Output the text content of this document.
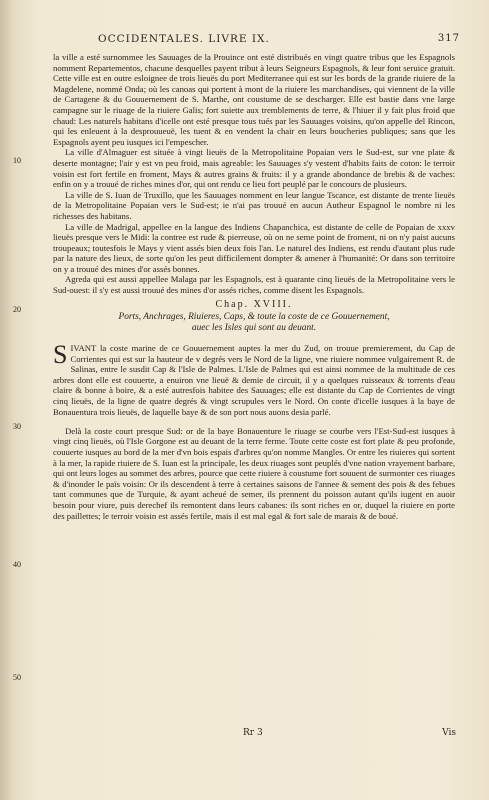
OCCIDENTALES. LIVRE IX.	317

la ville a esté surnommee les Sauuages de la Prouince ont esté distribués en vingt quatre tribus que les Espagnols nomment Repartementos, chacune desquelles payent tribut à leurs Seigneurs Espagnols, & leur font seruice gratuit. Cette ville est en outre esloignee de trois lieuës du port Mediterranee qui est sur les bords de la grande riuiere de la Magdelene, nommé Onda; où les canoas qui portent à mont de la riuiere les marchandises, qui viennent de la ville de Cartagene & du Gouuernement de S. Marthe, ont coustume de se descharger. Elle est bastie dans vne large campagne sur le riuage de la riuiere Galis; fort suiette aux tremblements de terre, & l'hiuer il y fait plus froid que chaud: Les naturels habitans d'icelle ont esté presque tous tués par les Sauuages voisins, qu'on appelle del Rincon, qui les enleuent à la desprouueuë, les tuent & en vendent la chair en leurs boucheries publiques; sans que les Espagnols ayent peu iusques ici l'empescher.

La ville d'Almaguer est située à vingt lieuës de la Metropolitaine Popaian vers le Sud-est, sur vne plate & deserte montagne; l'air y est vn peu froid, mais agreable: les Sauuages s'y vestent d'habits faits de coton: le terroir voisin est fort fertile en froment, Mays & autres grains & fruits: il y a grande abondance de brebis & de vaches: enfin on y a trouué de riches mines d'or, qui ont rendu ce lieu fort peuplé par le concours de plusieurs.

La ville de S. Iuan de Truxillo, que les Sauuages nomment en leur langue Tscance, est distante de trente lieuës de la Metropolitaine Popaian vers le Sud-est; ie n'ai pas trouué en aucun Autheur Espagnol le nombre ni les richesses des habitans.

La ville de Madrigal, appellee en la langue des Indiens Chapanchica, est distante de celle de Popaian de xxxv lieuës presque vers le Midi: la contree est rude & pierreuse, où on ne seme point de froment, ni on n'y paist aucuns troupeaux; toutesfois le Mays y vient assés bien deux fois l'an. Le naturel des Indiens, est rendu d'autant plus rude par la nature des lieux, de sorte qu'on les peut difficilement dompter & amener à l'humanité: Or dans son territoire on y a trouué des mines d'or assés bonnes.

Agreda qui est aussi appellee Malaga par les Espagnols, est à quarante cinq lieuës de la Metropolitaine vers le Sud-ouest: il s'y est aussi trouué des mines d'or assés riches, comme disent les Espagnols.

Chap. XVIII.
Ports, Anchrages, Riuieres, Caps, & toute la coste de ce Gouuernement,
auec les Isles qui sont au deuant.

SIVANT la coste marine de ce Gouuernement auptes la mer du Zud, on trouue premierement, du Cap de Corrientes qui est sur la hauteur de v degrés vers le Nord de la ligne, vne riuiere nommee vulgairement R. de Salinas, entre le susdit Cap & l'Isle de Palmes. L'Isle de Palmes qui est ainsi nommee de la multitude de ces arbres dont elle est couuerte, a enuiron vne lieuë & demie de circuit, il y a quelques ruisseaux & torrents d'eau claire & bonne à boire, & a esté autresfois habitee des Sauuages; elle est distante du Cap de Corrientes de vingt cinq lieuës, de la ligne de quatre degrés & vingt scrupules vers le Nord. On conte d'icelle iusques à la baye de Bonauentura trois lieuës, de laquelle baye & de son port nous auons desia parlé.

Delà la coste court presque Sud: or de la baye Bonauenture le riuage se courbe vers l'Est-Sud-est iusques à vingt cinq lieuës, où l'Isle Gorgone est au deuant de la terre ferme. Toute cette coste est fort plate & peu profonde, couuerte iusques au bord de la mer d'vn bois espais d'arbres qu'on nomme Mangles. Or entre les riuieres qui sortent à la mer, la rapide riuiere de S. Iuan est la principale, les deux riuages sont peuplés d'vne nation vrayement barbare, qui ont leurs loges au sommet des arbres, pource que cette riuiere à coustume fort souuent de surmonter ces riuages & d'inonder le païs voisin: Or ils descendent à terre à certaines saisons de l'annee & sement des pois & des febues tant communes que de Turquie, & ayant acheué de semer, ils prennent du poisson autant qu'ils iugent en auoir besoin pour viure, puis derechef ils remontent dans leurs cabanes: ils sont riches en or, duquel la riuiere en porte des paillettes; le terroir voisin est assés fertile, mais il est mal egal & fort sale de marais & de boué.

10
20
30
40
50
Rr 3	Vis
